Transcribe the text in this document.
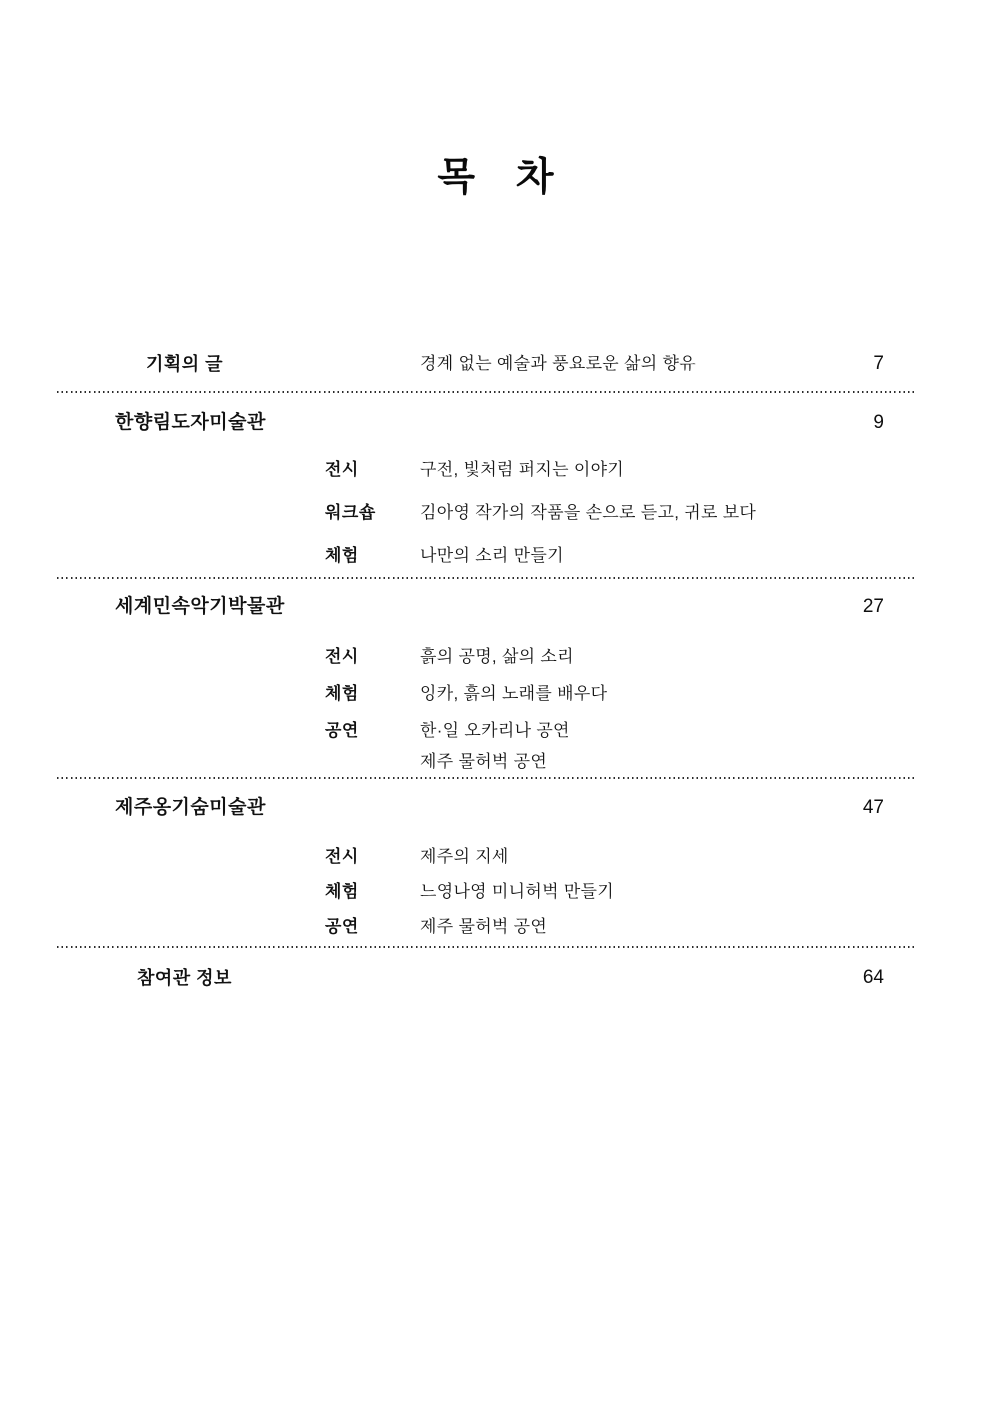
목 차
기획의 글	경계 없는 예술과 풍요로운 삶의 향유	7
한향림도자미술관	9
전시	구전, 빛처럼 퍼지는 이야기
워크숍	김아영 작가의 작품을 손으로 듣고, 귀로 보다
체험	나만의 소리 만들기
세계민속악기박물관	27
전시	흙의 공명, 삶의 소리
체험	잉카, 흙의 노래를 배우다
공연	한·일 오카리나 공연
제주 물허벅 공연
제주옹기숨미술관	47
전시	제주의 지세
체험	느영나영 미니허벅 만들기
공연	제주 물허벅 공연
참여관 정보	64
